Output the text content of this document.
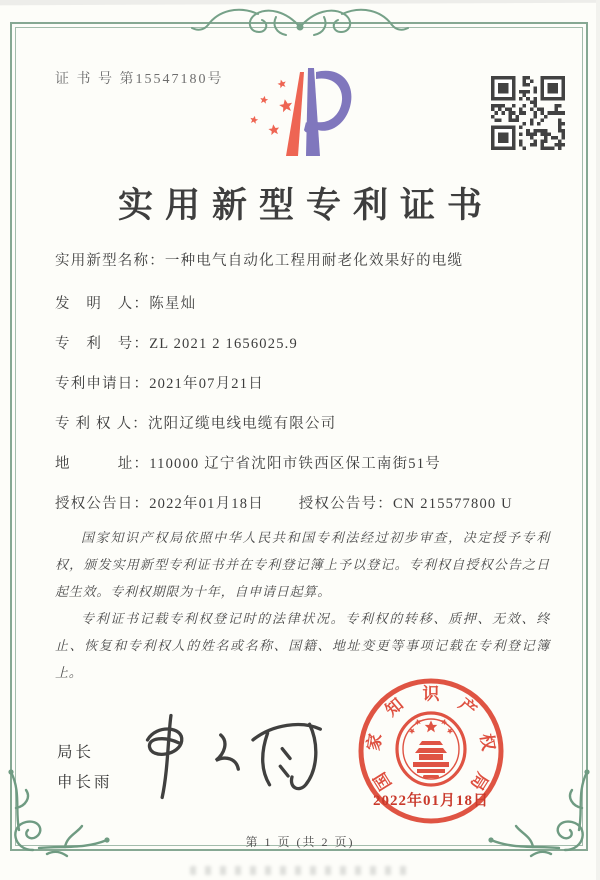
证 书 号 第15547180号
实用新型专利证书
实用新型名称：一种电气自动化工程用耐老化效果好的电缆
发　明　人：陈星灿
专　利　号：ZL 2021 2 1656025.9
专利申请日：2021年07月21日
专 利 权 人：沈阳辽缆电线电缆有限公司
地　　　址：110000 辽宁省沈阳市铁西区保工南街51号
授权公告日：2022年01月18日 授权公告号：CN 215577800 U

国家知识产权局依照中华人民共和国专利法经过初步审查，决定授予专利权，颁发实用新型专利证书并在专利登记簿上予以登记。专利权自授权公告之日起生效。专利权期限为十年，自申请日起算。

专利证书记载专利权登记时的法律状况。专利权的转移、质押、无效、终止、恢复和专利权人的姓名或名称、国籍、地址变更等事项记载在专利登记簿上。

局长
申长雨	国
家
知
识
产
权
局
2022年01月18日
第 1 页 (共 2 页)
